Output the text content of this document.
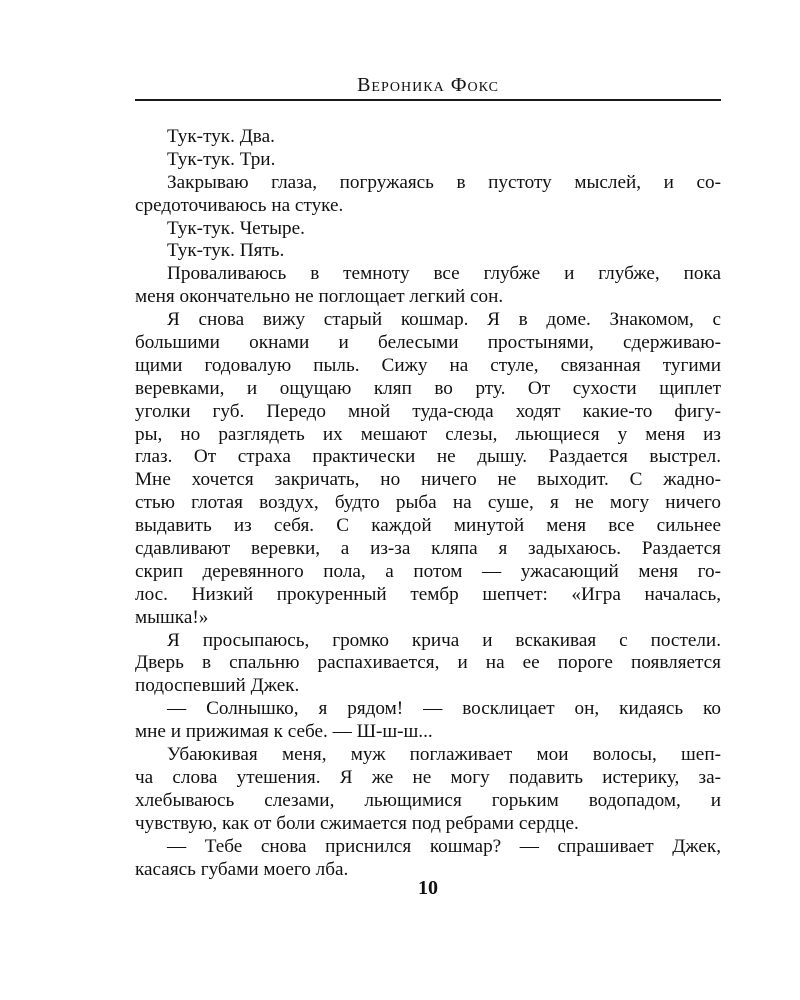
Вероника Фокс
Тук-тук. Два.
Тук-тук. Три.
Закрываю глаза, погружаясь в пустоту мыслей, и со-
средоточиваюсь на стуке.
Тук-тук. Четыре.
Тук-тук. Пять.
Проваливаюсь в темноту все глубже и глубже, пока
меня окончательно не поглощает легкий сон.
Я снова вижу старый кошмар. Я в доме. Знакомом, с
большими окнами и белесыми простынями, сдерживаю-
щими годовалую пыль. Сижу на стуле, связанная тугими
веревками, и ощущаю кляп во рту. От сухости щиплет
уголки губ. Передо мной туда-сюда ходят какие-то фигу-
ры, но разглядеть их мешают слезы, льющиеся у меня из
глаз. От страха практически не дышу. Раздается выстрел.
Мне хочется закричать, но ничего не выходит. С жадно-
стью глотая воздух, будто рыба на суше, я не могу ничего
выдавить из себя. С каждой минутой меня все сильнее
сдавливают веревки, а из-за кляпа я задыхаюсь. Раздается
скрип деревянного пола, а потом — ужасающий меня го-
лос. Низкий прокуренный тембр шепчет: «Игра началась,
мышка!»
Я просыпаюсь, громко крича и вскакивая с постели.
Дверь в спальню распахивается, и на ее пороге появляется
подоспевший Джек.
— Солнышко, я рядом! — восклицает он, кидаясь ко
мне и прижимая к себе. — Ш-ш-ш...
Убаюкивая меня, муж поглаживает мои волосы, шеп-
ча слова утешения. Я же не могу подавить истерику, за-
хлебываюсь слезами, льющимися горьким водопадом, и
чувствую, как от боли сжимается под ребрами сердце.
— Тебе снова приснился кошмар? — спрашивает Джек,
касаясь губами моего лба.
10
